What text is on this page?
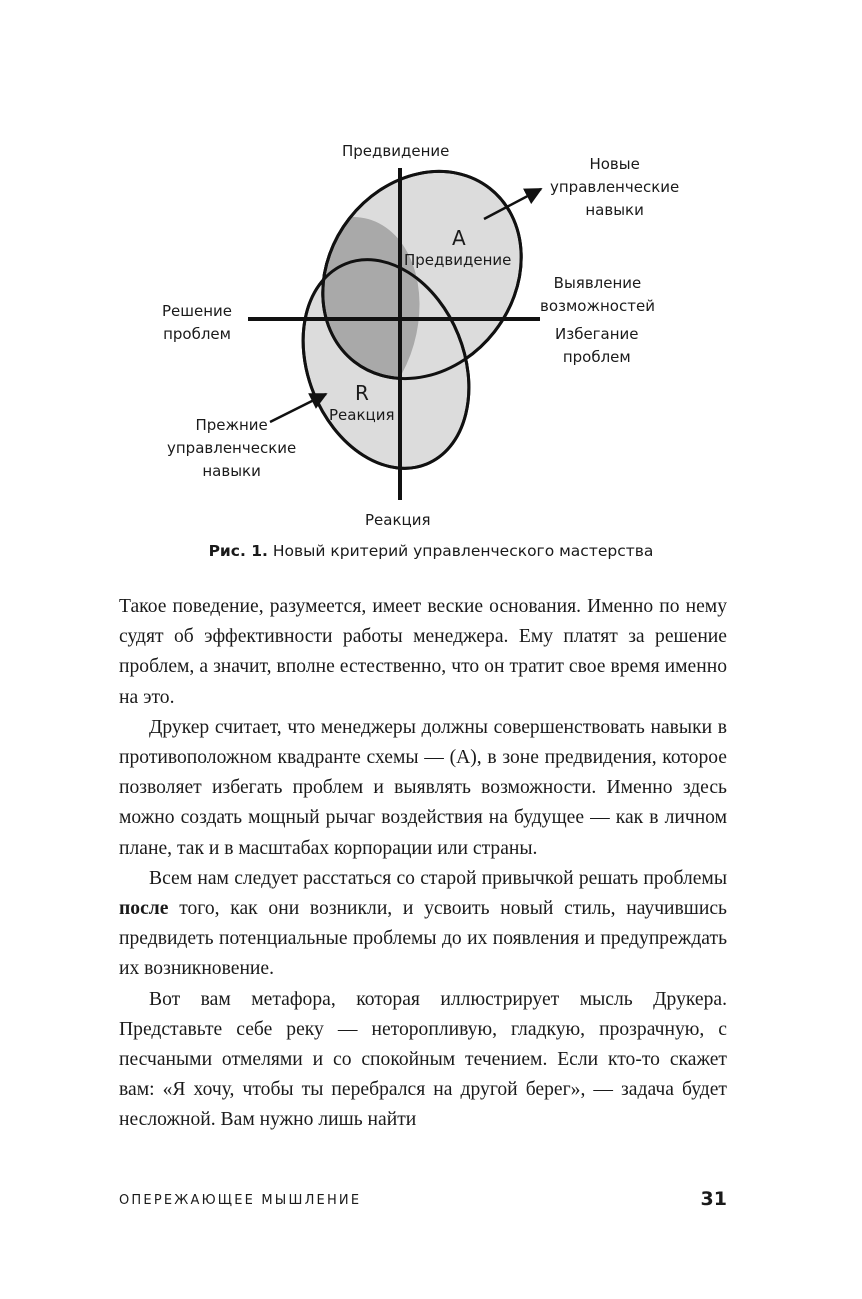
Предвидение
Реакция
Решение
проблем
Выявление
возможностей
Избегание
проблем
Новые
управленческие
навыки
Прежние
управленческие
навыки
A
Предвидение
R
Реакция
Рис. 1. Новый критерий управленческого мастерства

Такое поведение, разумеется, имеет веские основания. Именно по нему судят об эффективности работы менеджера. Ему платят за решение проблем, а значит, вполне естественно, что он тратит свое время именно на это.

Друкер считает, что менеджеры должны совершенствовать навыки в противоположном квадранте схемы — (A), в зоне предвидения, которое позволяет избегать проблем и выявлять возможности. Именно здесь можно создать мощный рычаг воздействия на будущее — как в личном плане, так и в масштабах корпорации или страны.

Всем нам следует расстаться со старой привычкой решать проблемы после того, как они возникли, и усвоить новый стиль, научившись предвидеть потенциальные проблемы до их появления и предупреждать их возникновение.

Вот вам метафора, которая иллюстрирует мысль Друкера. Представьте себе реку — неторопливую, гладкую, прозрачную, с песчаными отмелями и со спокойным течением. Если кто-то скажет вам: «Я хочу, чтобы ты перебрался на другой берег», — задача будет несложной. Вам нужно лишь найти

ОПЕРЕЖАЮЩЕЕ МЫШЛЕНИЕ	31
